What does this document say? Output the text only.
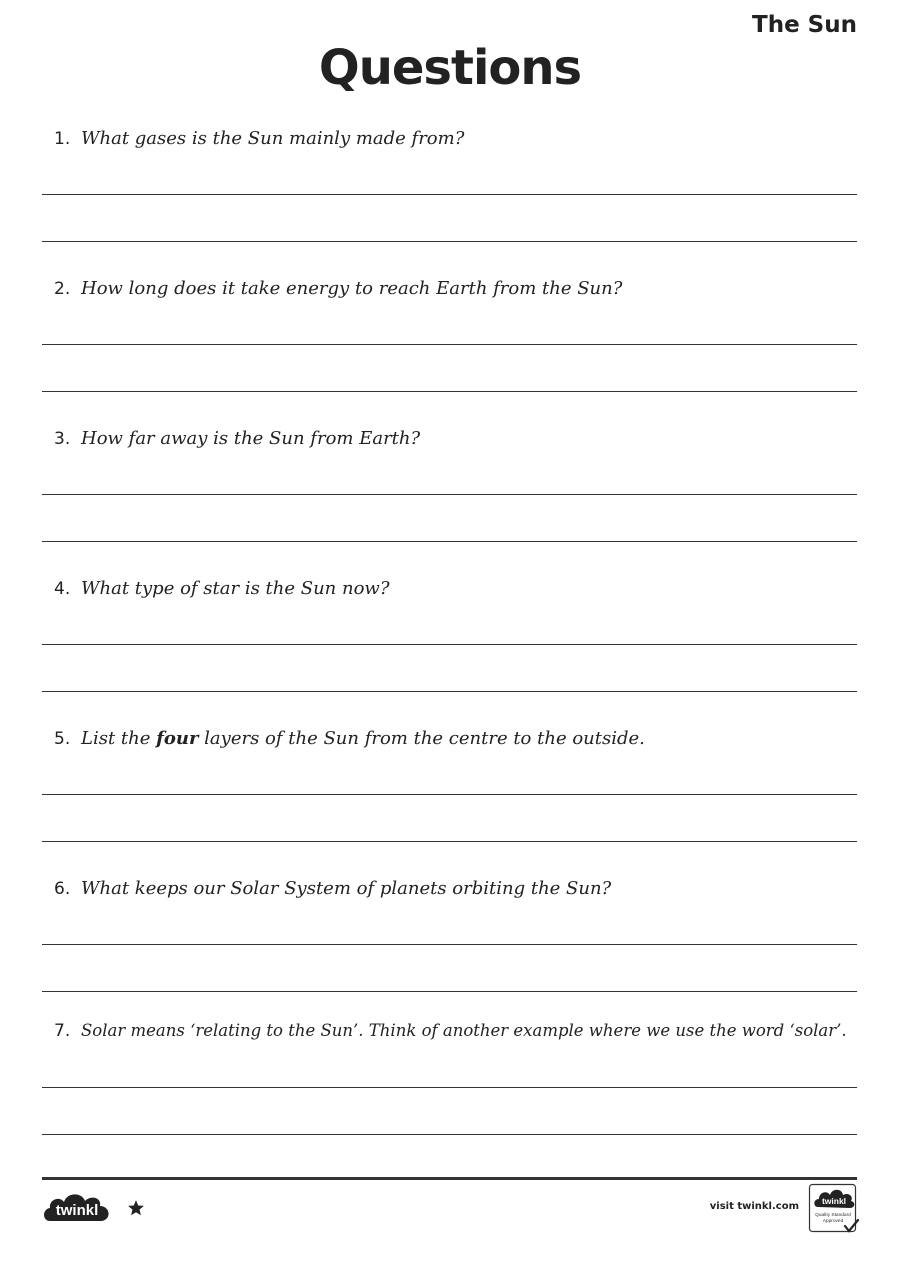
The Sun
Questions
1. What gases is the Sun mainly made from?
2. How long does it take energy to reach Earth from the Sun?
3. How far away is the Sun from Earth?
4. What type of star is the Sun now?
5. List the four layers of the Sun from the centre to the outside.
6. What keeps our Solar System of planets orbiting the Sun?
7. Solar means ‘relating to the Sun’. Think of another example where we use the word ‘solar’.
twinkl	visit twinkl.com	twinkl
Quality Standard
Approved
